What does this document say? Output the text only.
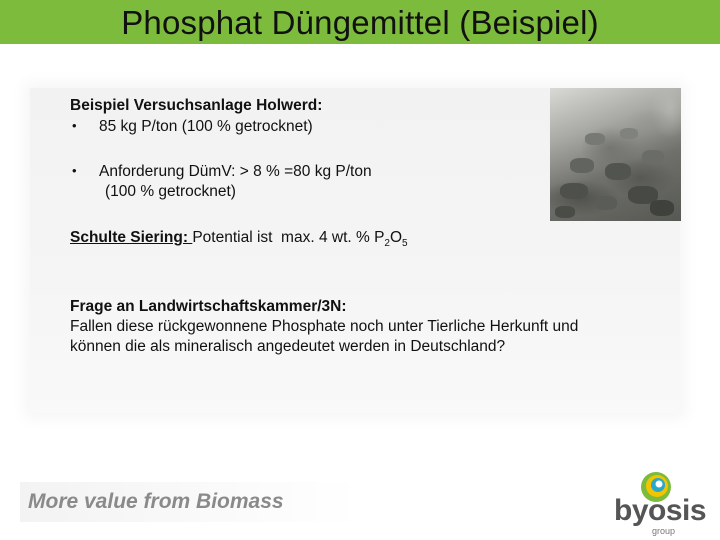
Phosphat Düngemittel (Beispiel)
Beispiel Versuchsanlage Holwerd:
• 85 kg P/ton (100 % getrocknet)
• Anforderung DümV: > 8 % =80 kg P/ton
(100 % getrocknet)
Schulte Siering: Potential ist  max. 4 wt. % $P_2O_5$
Frage an Landwirtschaftskammer/3N:
Fallen diese rückgewonnene Phosphate noch unter Tierliche Herkunft und
können die als mineralisch angedeutet werden in Deutschland?
More value from Biomass	byosis
group
